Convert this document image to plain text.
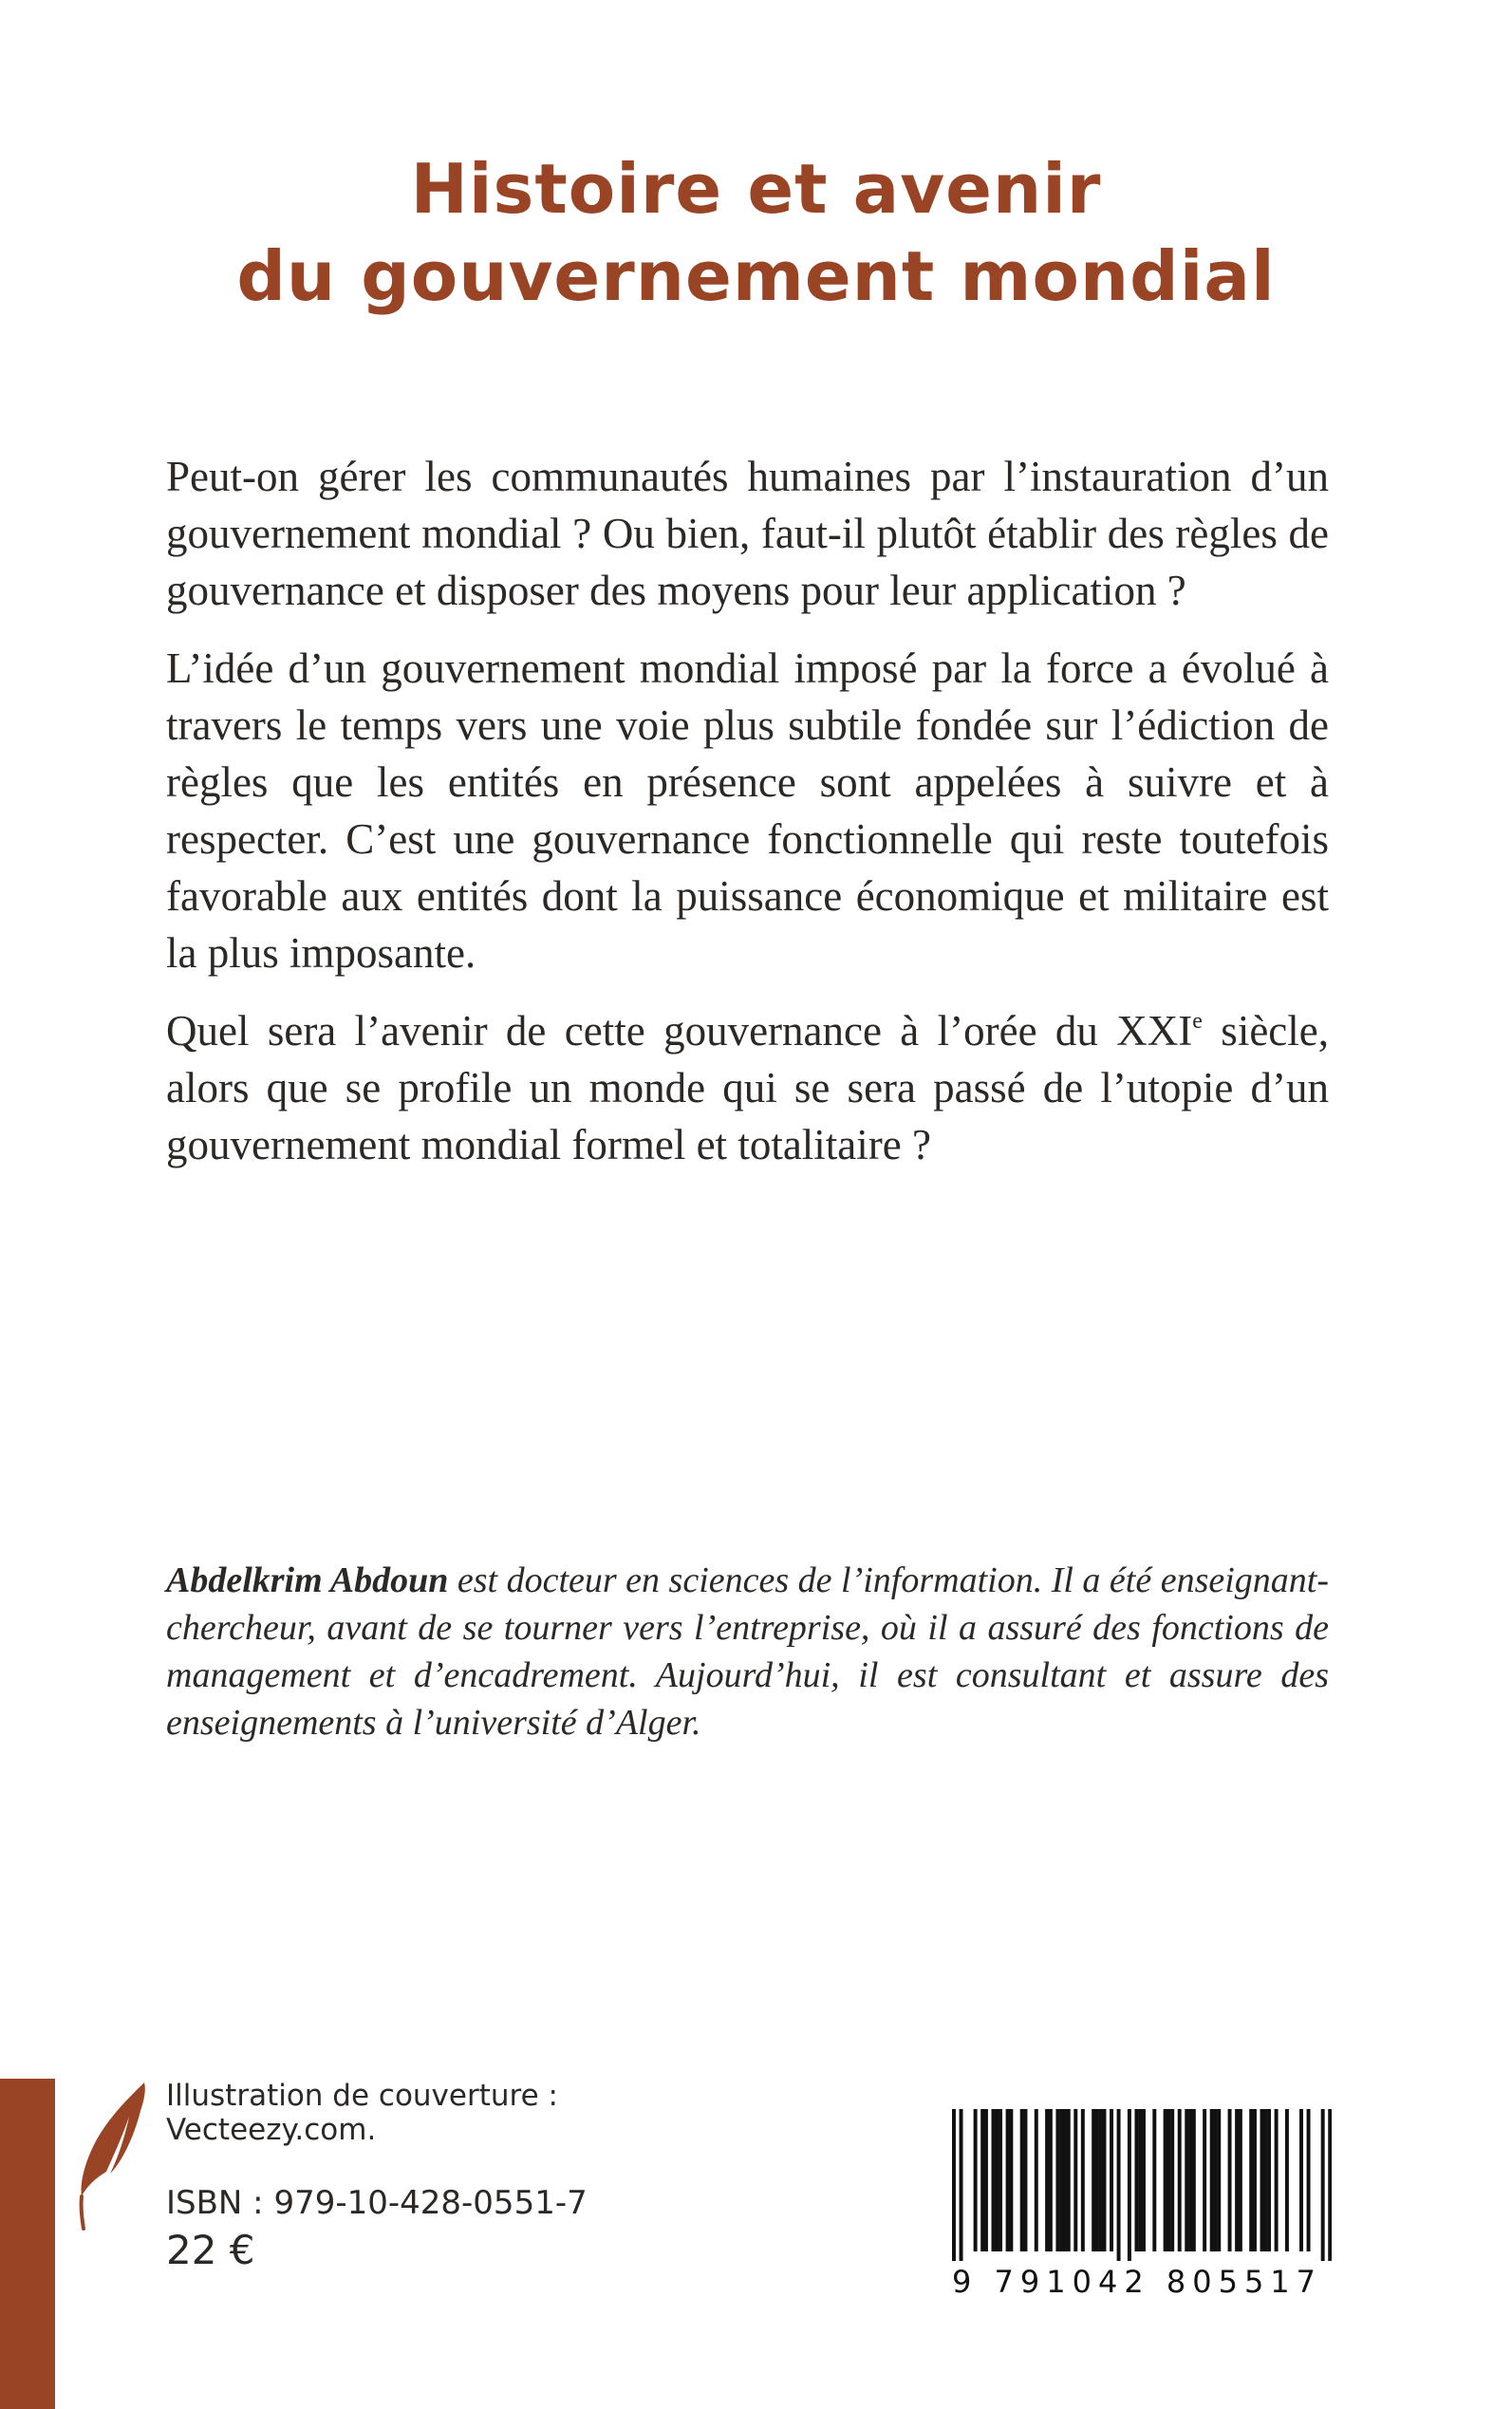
Histoire et avenir
du gouvernement mondial

Peut-on gérer les communautés humaines par l’instauration d’un gouvernement mondial ? Ou bien, faut-il plutôt établir des règles de gouvernance et disposer des moyens pour leur application ?

L’idée d’un gouvernement mondial imposé par la force a évolué à travers le temps vers une voie plus subtile fondée sur l’édiction de règles que les entités en présence sont appelées à suivre et à respecter. C’est une gouvernance fonctionnelle qui reste toutefois favorable aux entités dont la puissance économique et militaire est la plus imposante.

Quel sera l’avenir de cette gouvernance à l’orée du XXIe siècle, alors que se profile un monde qui se sera passé de l’utopie d’un gouvernement mondial formel et totalitaire ?

Abdelkrim Abdoun est docteur en sciences de l’information. Il a été enseignant-chercheur, avant de se tourner vers l’entreprise, où il a assuré des fonctions de management et d’encadrement. Aujourd’hui, il est consultant et assure des enseignements à l’université d’Alger.
Illustration de couverture :
Vecteezy.com.
ISBN : 979-10-428-0551-7
22 €
9 791042 805517
